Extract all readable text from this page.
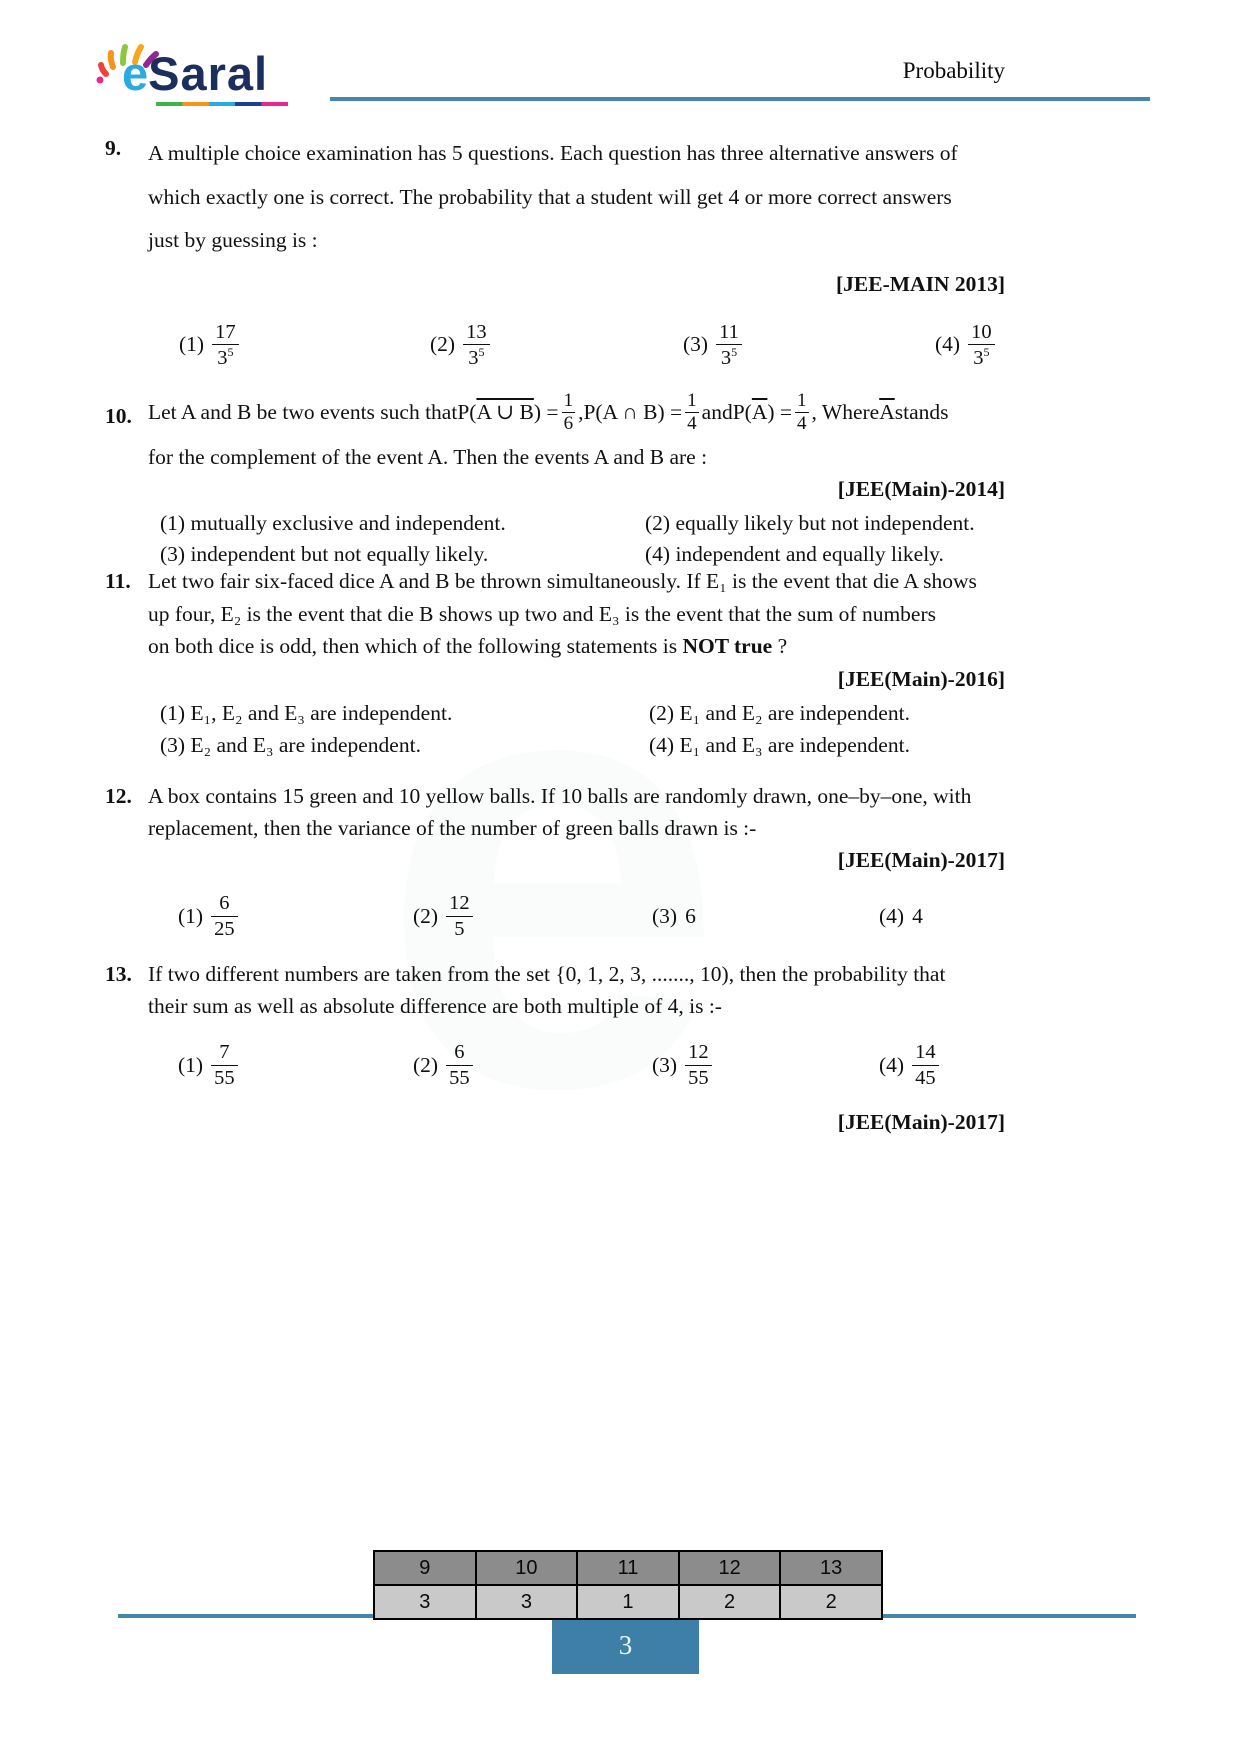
eSaral	Probability
9. A multiple choice examination has 5 questions. Each question has three alternative answers of
which exactly one is correct. The probability that a student will get 4 or more correct answers
just by guessing is :
[JEE-MAIN 2013]
$(1) \frac{17}{3^5}$	$(2) \frac{13}{3^5}$	$(3) \frac{11}{3^5}$	$(4) \frac{10}{3^5}$
10. Let A and B be two events such that P( A ∪ B ) = $\frac{1}{6}$ , P(A ∩ $B) = \frac{1}{4}$ and P( $\overline{A}$ ) = $\frac{1}{4}$ , Where $\overline{A}$ stands
for the complement of the event A. Then the events A and B are :
[JEE(Main)-2014]
(1) mutually exclusive and independent.	(2) equally likely but not independent.
(3) independent but not equally likely.	(4) independent and equally likely.
11. Let two fair six-faced dice A and B be thrown simultaneously. If E₁ is the event that die A shows
up four, E₂ is the event that die B shows up two and E₃ is the event that the sum of numbers
on both dice is odd, then which of the following statements is NOT true ?
[JEE(Main)-2016]
(1) E₁, E₂ and E₃ are independent.	(2) E₁ and E₂ are independent.
(3) E₂ and E₃ are independent.	(4) E₁ and E₃ are independent.
12. A box contains 15 green and 10 yellow balls. If 10 balls are randomly drawn, one–by–one, with
replacement, then the variance of the number of green balls drawn is :-
[JEE(Main)-2017]
$(1) \frac{6}{25}$	$(2) \frac{12}{5}$	(3) 6	(4) 4
13. If two different numbers are taken from the set {0, 1, 2, 3, ......., 10), then the probability that
their sum as well as absolute difference are both multiple of 4, is :-
$(1) \frac{7}{55}$	$(2) \frac{6}{55}$	$(3) \frac{12}{55}$	$(4) \frac{14}{45}$
[JEE(Main)-2017]
9	10	11	12	13
3	3	1	2	2
3
